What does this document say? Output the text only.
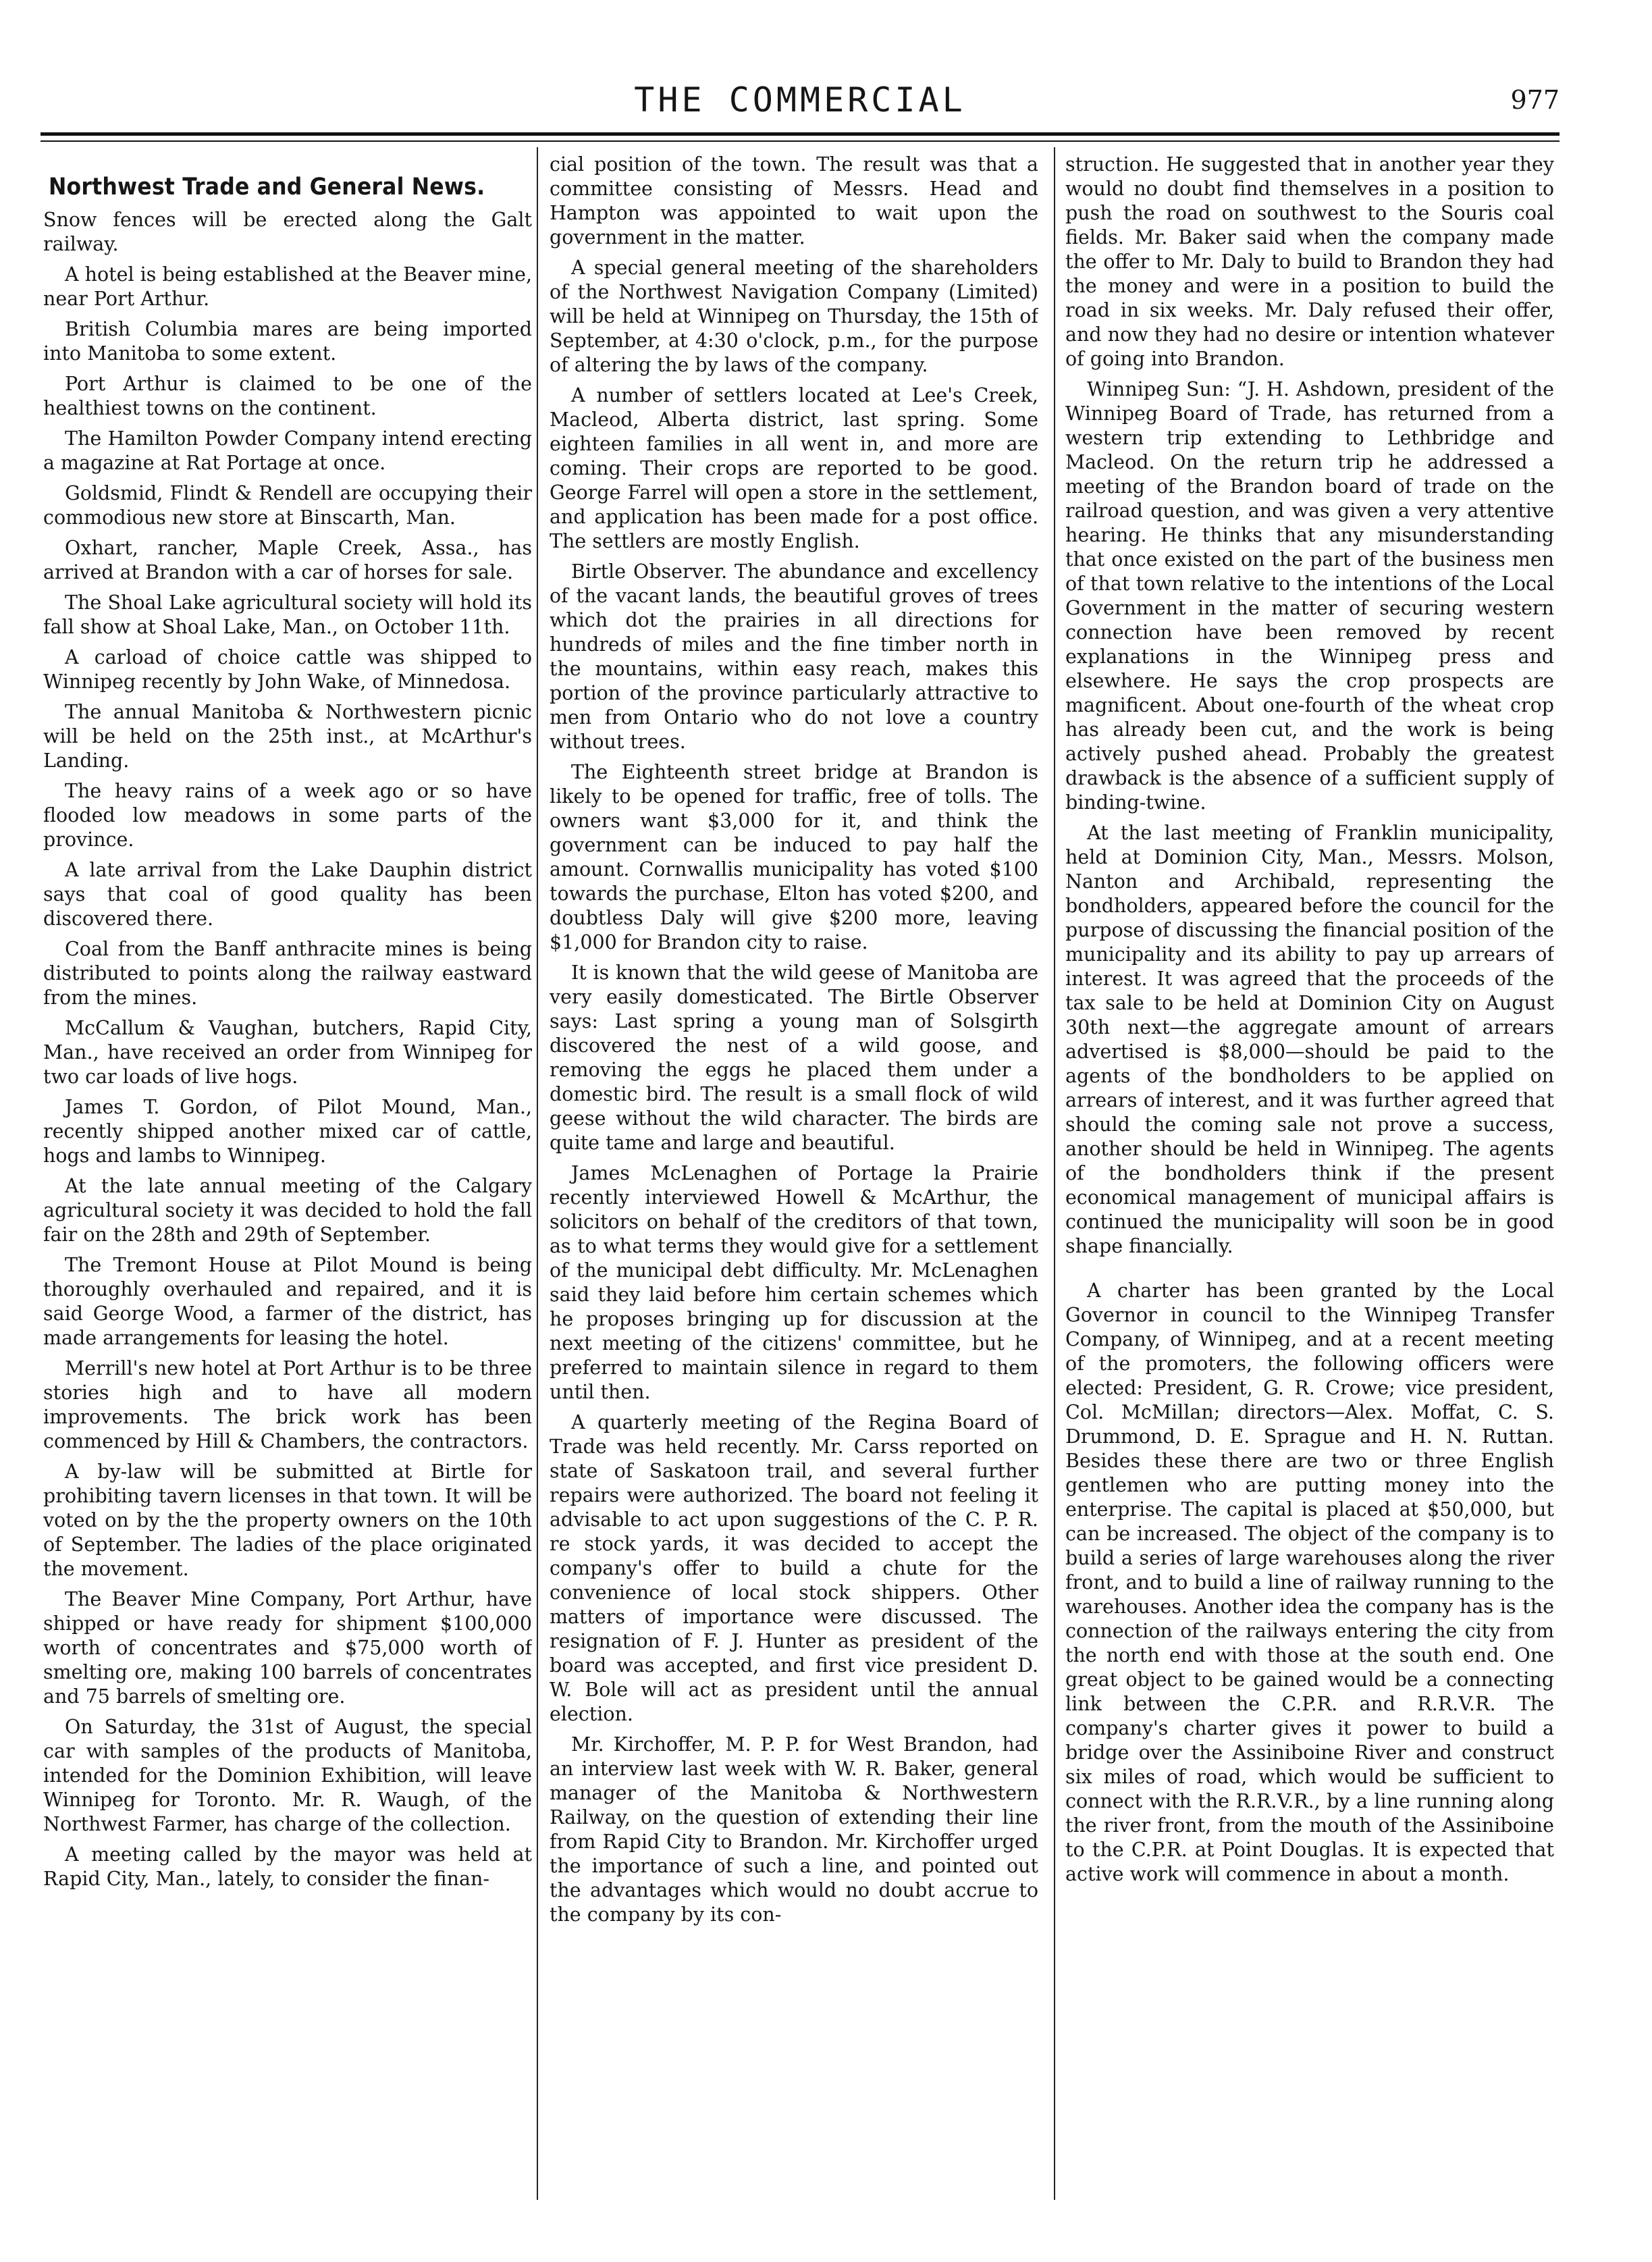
THE COMMERCIAL	977
Northwest Trade and General News.

Snow fences will be erected along the Galt railway.

A hotel is being established at the Beaver mine, near Port Arthur.

British Columbia mares are being imported into Manitoba to some extent.

Port Arthur is claimed to be one of the healthiest towns on the continent.

The Hamilton Powder Company intend erecting a magazine at Rat Portage at once.

Goldsmid, Flindt & Rendell are occupying their commodious new store at Binscarth, Man.

Oxhart, rancher, Maple Creek, Assa., has arrived at Brandon with a car of horses for sale.

The Shoal Lake agricultural society will hold its fall show at Shoal Lake, Man., on October 11th.

A carload of choice cattle was shipped to Winnipeg recently by John Wake, of Minnedosa.

The annual Manitoba & Northwestern picnic will be held on the 25th inst., at McArthur's Landing.

The heavy rains of a week ago or so have flooded low meadows in some parts of the province.

A late arrival from the Lake Dauphin district says that coal of good quality has been discovered there.

Coal from the Banff anthracite mines is being distributed to points along the railway eastward from the mines.

McCallum & Vaughan, butchers, Rapid City, Man., have received an order from Winnipeg for two car loads of live hogs.

James T. Gordon, of Pilot Mound, Man., recently shipped another mixed car of cattle, hogs and lambs to Winnipeg.

At the late annual meeting of the Calgary agricultural society it was decided to hold the fall fair on the 28th and 29th of September.

The Tremont House at Pilot Mound is being thoroughly overhauled and repaired, and it is said George Wood, a farmer of the district, has made arrangements for leasing the hotel.

Merrill's new hotel at Port Arthur is to be three stories high and to have all modern improvements. The brick work has been commenced by Hill & Chambers, the contractors.

A by-law will be submitted at Birtle for prohibiting tavern licenses in that town. It will be voted on by the the property owners on the 10th of September. The ladies of the place originated the movement.

The Beaver Mine Company, Port Arthur, have shipped or have ready for shipment $100,000 worth of concentrates and $75,000 worth of smelting ore, making 100 barrels of concentrates and 75 barrels of smelting ore.

On Saturday, the 31st of August, the special car with samples of the products of Manitoba, intended for the Dominion Exhibition, will leave Winnipeg for Toronto. Mr. R. Waugh, of the Northwest Farmer, has charge of the collection.

A meeting called by the mayor was held at Rapid City, Man., lately, to consider the finan-

cial position of the town. The result was that a committee consisting of Messrs. Head and Hampton was appointed to wait upon the government in the matter.

A special general meeting of the shareholders of the Northwest Navigation Company (Limited) will be held at Winnipeg on Thursday, the 15th of September, at 4:30 o'clock, p.m., for the purpose of altering the by laws of the company.

A number of settlers located at Lee's Creek, Macleod, Alberta district, last spring. Some eighteen families in all went in, and more are coming. Their crops are reported to be good. George Farrel will open a store in the settlement, and application has been made for a post office. The settlers are mostly English.

Birtle Observer. The abundance and excellency of the vacant lands, the beautiful groves of trees which dot the prairies in all directions for hundreds of miles and the fine timber north in the mountains, within easy reach, makes this portion of the province particularly attractive to men from Ontario who do not love a country without trees.

The Eighteenth street bridge at Brandon is likely to be opened for traffic, free of tolls. The owners want $3,000 for it, and think the government can be induced to pay half the amount. Cornwallis municipality has voted $100 towards the purchase, Elton has voted $200, and doubtless Daly will give $200 more, leaving $1,000 for Brandon city to raise.

It is known that the wild geese of Manitoba are very easily domesticated. The Birtle Observer says: Last spring a young man of Solsgirth discovered the nest of a wild goose, and removing the eggs he placed them under a domestic bird. The result is a small flock of wild geese without the wild character. The birds are quite tame and large and beautiful.

James McLenaghen of Portage la Prairie recently interviewed Howell & McArthur, the solicitors on behalf of the creditors of that town, as to what terms they would give for a settlement of the municipal debt difficulty. Mr. McLenaghen said they laid before him certain schemes which he proposes bringing up for discussion at the next meeting of the citizens' committee, but he preferred to maintain silence in regard to them until then.

A quarterly meeting of the Regina Board of Trade was held recently. Mr. Carss reported on state of Saskatoon trail, and several further repairs were authorized. The board not feeling it advisable to act upon suggestions of the C. P. R. re stock yards, it was decided to accept the company's offer to build a chute for the convenience of local stock shippers. Other matters of importance were discussed. The resignation of F. J. Hunter as president of the board was accepted, and first vice president D. W. Bole will act as president until the annual election.

Mr. Kirchoffer, M. P. P. for West Brandon, had an interview last week with W. R. Baker, general manager of the Manitoba & Northwestern Railway, on the question of extending their line from Rapid City to Brandon. Mr. Kirchoffer urged the importance of such a line, and pointed out the advantages which would no doubt accrue to the company by its con-

struction. He suggested that in another year they would no doubt find themselves in a position to push the road on southwest to the Souris coal fields. Mr. Baker said when the company made the offer to Mr. Daly to build to Brandon they had the money and were in a position to build the road in six weeks. Mr. Daly refused their offer, and now they had no desire or intention whatever of going into Brandon.

Winnipeg Sun: “J. H. Ashdown, president of the Winnipeg Board of Trade, has returned from a western trip extending to Lethbridge and Macleod. On the return trip he addressed a meeting of the Brandon board of trade on the railroad question, and was given a very attentive hearing. He thinks that any misunderstanding that once existed on the part of the business men of that town relative to the intentions of the Local Government in the matter of securing western connection have been removed by recent explanations in the Winnipeg press and elsewhere. He says the crop prospects are magnificent. About one-fourth of the wheat crop has already been cut, and the work is being actively pushed ahead. Probably the greatest drawback is the absence of a sufficient supply of binding-twine.

At the last meeting of Franklin municipality, held at Dominion City, Man., Messrs. Molson, Nanton and Archibald, representing the bondholders, appeared before the council for the purpose of discussing the financial position of the municipality and its ability to pay up arrears of interest. It was agreed that the proceeds of the tax sale to be held at Dominion City on August 30th next—the aggregate amount of arrears advertised is $8,000—should be paid to the agents of the bondholders to be applied on arrears of interest, and it was further agreed that should the coming sale not prove a success, another should be held in Winnipeg. The agents of the bondholders think if the present economical management of municipal affairs is continued the municipality will soon be in good shape financially.

A charter has been granted by the Local Governor in council to the Winnipeg Transfer Company, of Winnipeg, and at a recent meeting of the promoters, the following officers were elected: President, G. R. Crowe; vice president, Col. McMillan; directors—Alex. Moffat, C. S. Drummond, D. E. Sprague and H. N. Ruttan. Besides these there are two or three English gentlemen who are putting money into the enterprise. The capital is placed at $50,000, but can be increased. The object of the company is to build a series of large warehouses along the river front, and to build a line of railway running to the warehouses. Another idea the company has is the connection of the railways entering the city from the north end with those at the south end. One great object to be gained would be a connecting link between the C.P.R. and R.R.V.R. The company's charter gives it power to build a bridge over the Assiniboine River and construct six miles of road, which would be sufficient to connect with the R.R.V.R., by a line running along the river front, from the mouth of the Assiniboine to the C.P.R. at Point Douglas. It is expected that active work will commence in about a month.
